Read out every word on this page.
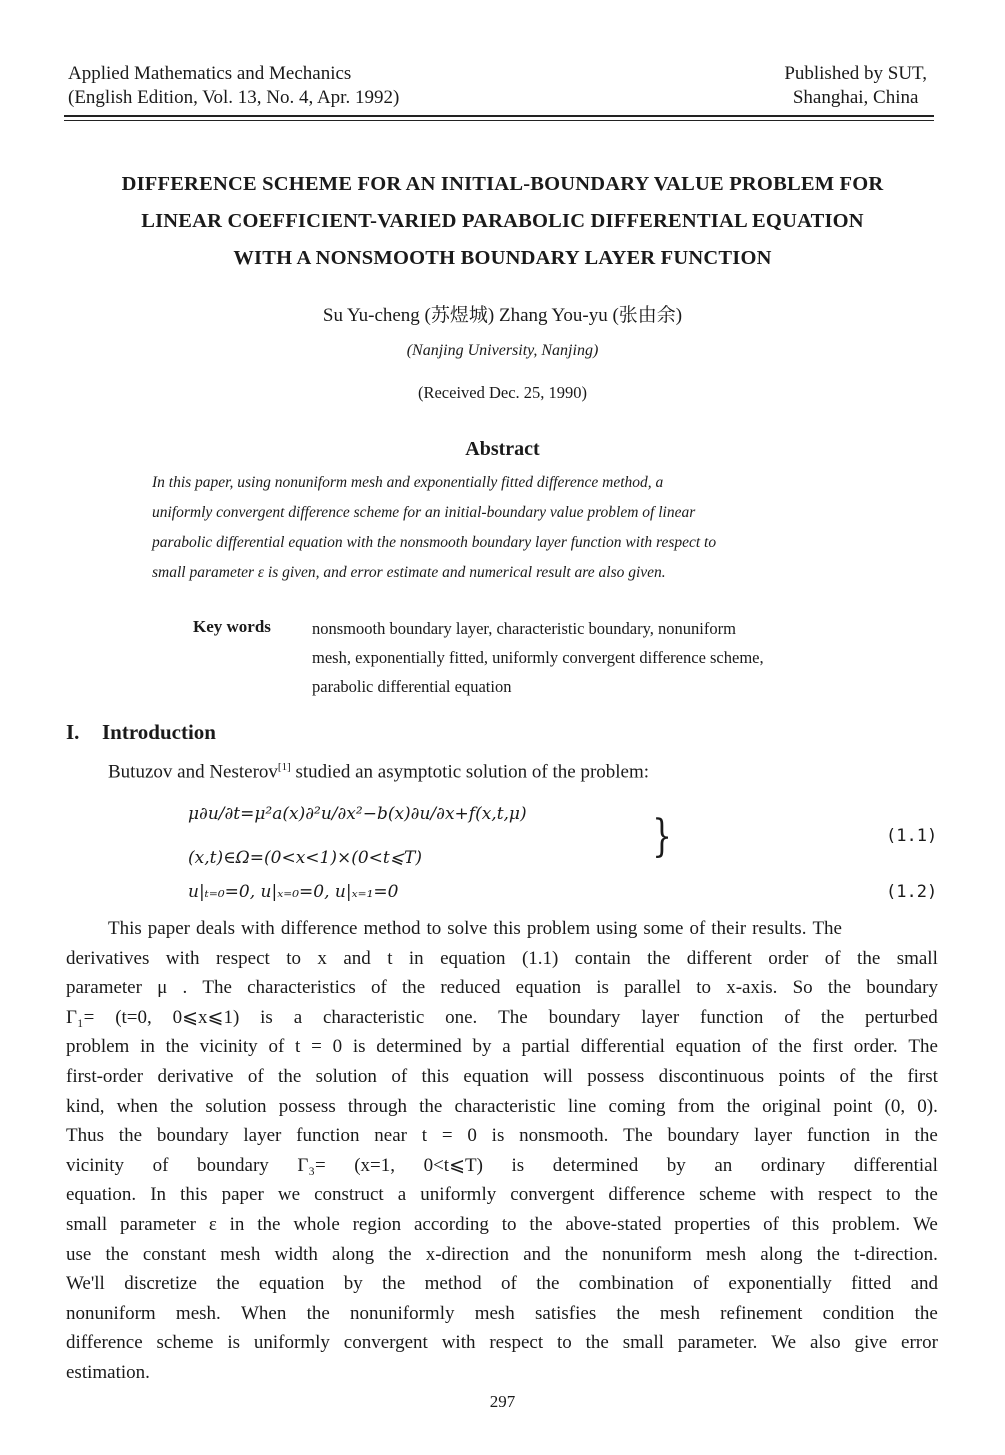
Applied Mathematics and Mechanics
(English Edition, Vol. 13, No. 4, Apr. 1992)
Published by SUT,
Shanghai, China
DIFFERENCE SCHEME FOR AN INITIAL-BOUNDARY VALUE PROBLEM FOR
LINEAR COEFFICIENT-VARIED PARABOLIC DIFFERENTIAL EQUATION
WITH A NONSMOOTH BOUNDARY LAYER FUNCTION
Su Yu-cheng (苏煜城) Zhang You-yu (张由余)
(Nanjing University, Nanjing)
(Received Dec. 25, 1990)
Abstract
In this paper, using nonuniform mesh and exponentially fitted difference method, a
uniformly convergent difference scheme for an initial-boundary value problem of linear
parabolic differential equation with the nonsmooth boundary layer function with respect to
small parameter ε is given, and error estimate and numerical result are also given.
Key words nonsmooth boundary layer, characteristic boundary, nonuniform
mesh, exponentially fitted, uniformly convergent difference scheme,
parabolic differential equation
I. Introduction
Butuzov and Nesterov[1] studied an asymptotic solution of the problem:
μ∂u/∂t=μ²a(x)∂²u/∂x²−b(x)∂u/∂x+f(x,t,μ)
(x,t)∈Ω=(0<x<1)×(0<t⩽T)	}	(1.1)
u|ₜ₌₀=0, u|ₓ₌₀=0, u|ₓ₌₁=0	(1.2)
This paper deals with difference method to solve this problem using some of their results. The
derivatives with respect to x and t in equation (1.1) contain the different order of the small
parameter μ . The characteristics of the reduced equation is parallel to x-axis. So the boundary
Γ₁= (t=0, 0⩽x⩽1) is a characteristic one. The boundary layer function of the perturbed
problem in the vicinity of t = 0 is determined by a partial differential equation of the first order. The
first-order derivative of the solution of this equation will possess discontinuous points of the first
kind, when the solution possess through the characteristic line coming from the original point (0, 0).
Thus the boundary layer function near t = 0 is nonsmooth. The boundary layer function in the
vicinity of boundary Γ₃= (x=1, 0<t⩽T) is determined by an ordinary differential
equation. In this paper we construct a uniformly convergent difference scheme with respect to the
small parameter ε in the whole region according to the above-stated properties of this problem. We
use the constant mesh width along the x-direction and the nonuniform mesh along the t-direction.
We'll discretize the equation by the method of the combination of exponentially fitted and
nonuniform mesh. When the nonuniformly mesh satisfies the mesh refinement condition the
difference scheme is uniformly convergent with respect to the small parameter. We also give error
estimation.
297
